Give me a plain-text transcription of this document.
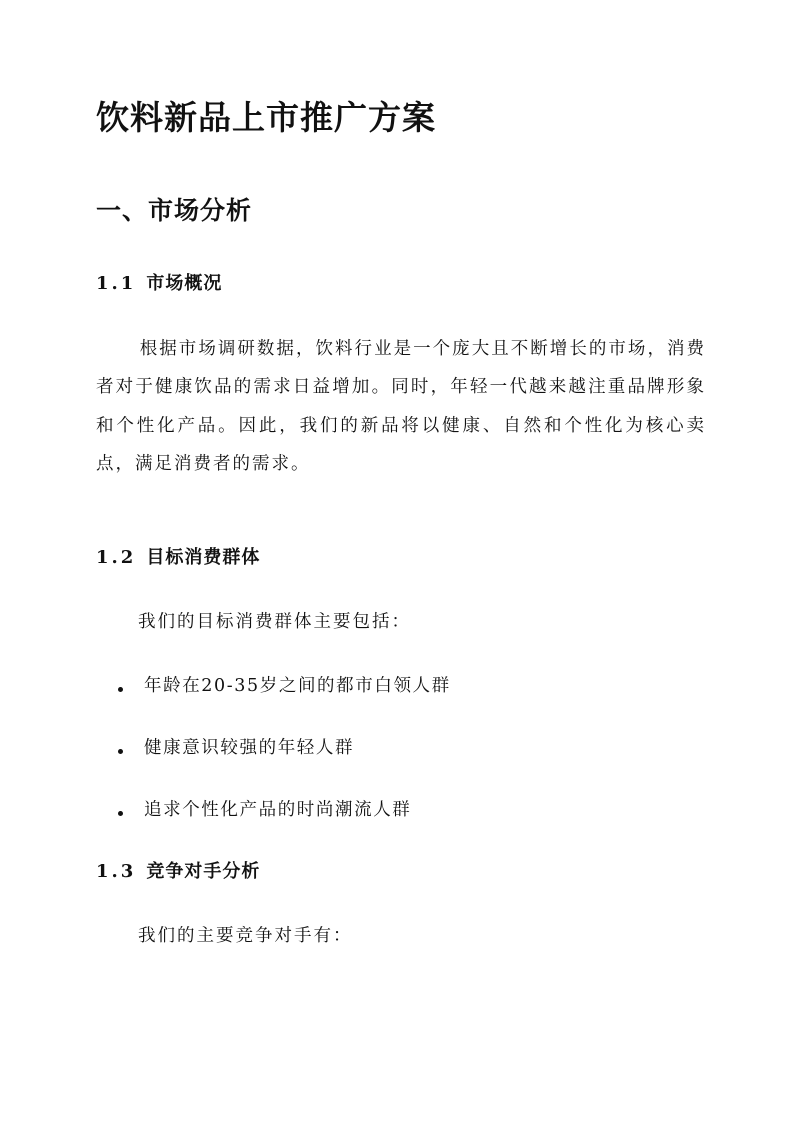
饮料新品上市推广方案
一、市场分析
1.1 市场概况

根据市场调研数据，饮料行业是一个庞大且不断增长的市场，消费者对于健康饮品的需求日益增加。同时，年轻一代越来越注重品牌形象和个性化产品。因此，我们的新品将以健康、自然和个性化为核心卖点，满足消费者的需求。

1.2 目标消费群体

我们的目标消费群体主要包括：

年龄在20-35岁之间的都市白领人群
健康意识较强的年轻人群
追求个性化产品的时尚潮流人群
1.3 竞争对手分析

我们的主要竞争对手有：
